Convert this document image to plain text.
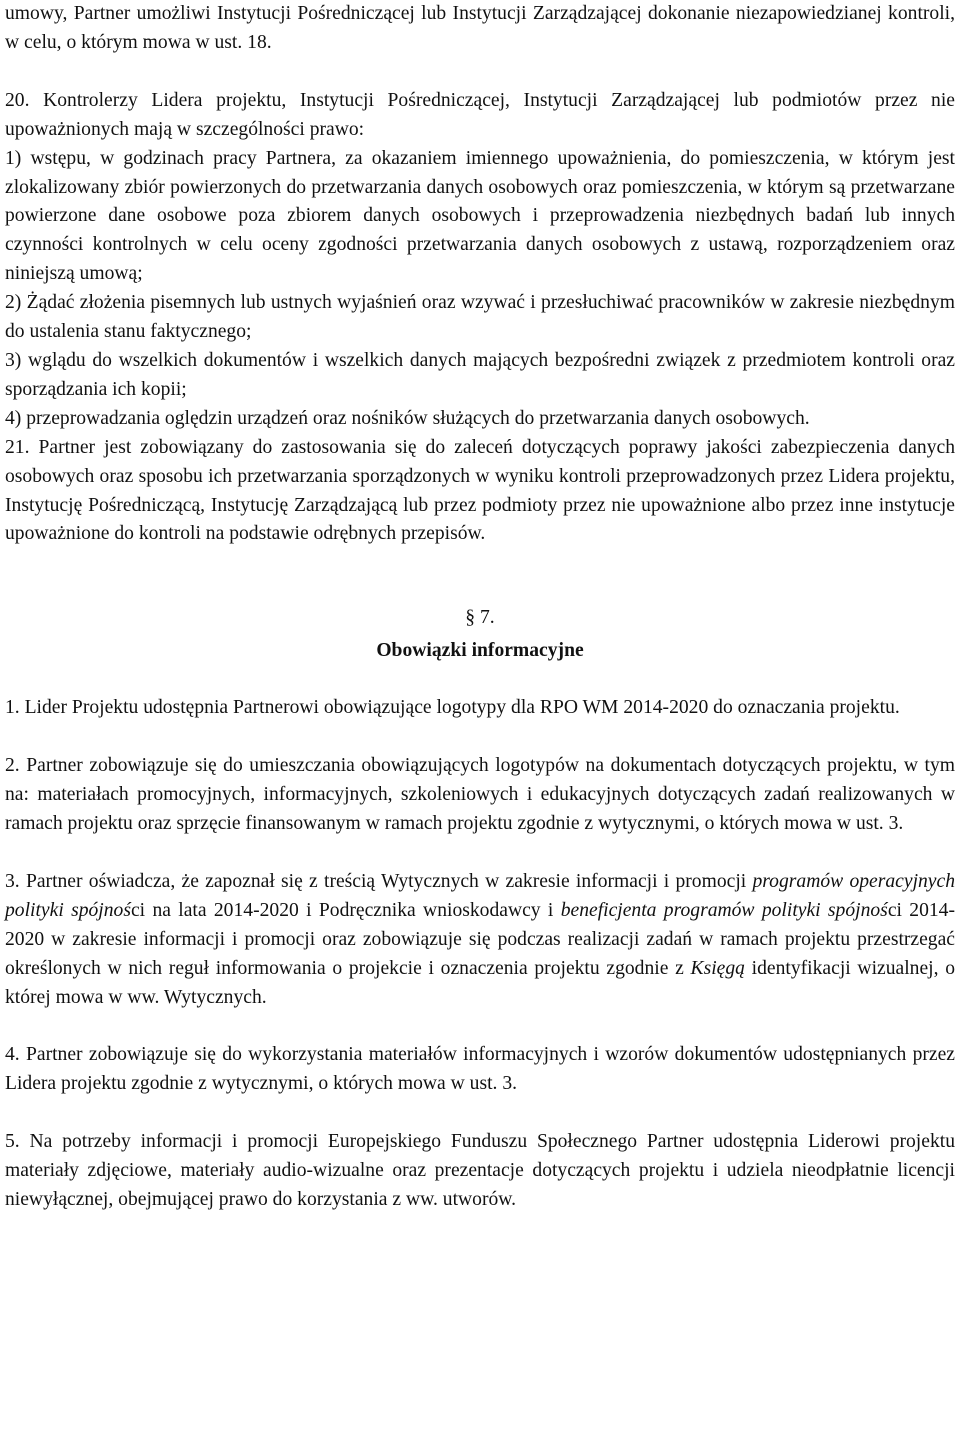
umowy, Partner umożliwi Instytucji Pośredniczącej lub Instytucji Zarządzającej dokonanie niezapowiedzianej kontroli, w celu, o którym mowa w ust. 18.

20. Kontrolerzy Lidera projektu, Instytucji Pośredniczącej, Instytucji Zarządzającej lub podmiotów przez nie upoważnionych mają w szczególności prawo:

1) wstępu, w godzinach pracy Partnera, za okazaniem imiennego upoważnienia, do pomieszczenia, w którym jest zlokalizowany zbiór powierzonych do przetwarzania danych osobowych oraz pomieszczenia, w którym są przetwarzane powierzone dane osobowe poza zbiorem danych osobowych i przeprowadzenia niezbędnych badań lub innych czynności kontrolnych w celu oceny zgodności przetwarzania danych osobowych z ustawą, rozporządzeniem oraz niniejszą umową;

2) Żądać złożenia pisemnych lub ustnych wyjaśnień oraz wzywać i przesłuchiwać pracowników w zakresie niezbędnym do ustalenia stanu faktycznego;

3) wglądu do wszelkich dokumentów i wszelkich danych mających bezpośredni związek z przedmiotem kontroli oraz sporządzania ich kopii;

4) przeprowadzania oględzin urządzeń oraz nośników służących do przetwarzania danych osobowych.

21. Partner jest zobowiązany do zastosowania się do zaleceń dotyczących poprawy jakości zabezpieczenia danych osobowych oraz sposobu ich przetwarzania sporządzonych w wyniku kontroli przeprowadzonych przez Lidera projektu, Instytucję Pośredniczącą, Instytucję Zarządzającą lub przez podmioty przez nie upoważnione albo przez inne instytucje upoważnione do kontroli na podstawie odrębnych przepisów.

§ 7.

Obowiązki informacyjne

1. Lider Projektu udostępnia Partnerowi obowiązujące logotypy dla RPO WM 2014-2020 do oznaczania projektu.

2. Partner zobowiązuje się do umieszczania obowiązujących logotypów na dokumentach dotyczących projektu, w tym na: materiałach promocyjnych, informacyjnych, szkoleniowych i edukacyjnych dotyczących zadań realizowanych w ramach projektu oraz sprzęcie finansowanym w ramach projektu zgodnie z wytycznymi, o których mowa w ust. 3.

3. Partner oświadcza, że zapoznał się z treścią Wytycznych w zakresie informacji i promocji programów operacyjnych polityki spójności na lata 2014-2020 i Podręcznika wnioskodawcy i beneficjenta programów polityki spójności 2014-2020 w zakresie informacji i promocji oraz zobowiązuje się podczas realizacji zadań w ramach projektu przestrzegać określonych w nich reguł informowania o projekcie i oznaczenia projektu zgodnie z Księgą identyfikacji wizualnej, o której mowa w ww. Wytycznych.

4. Partner zobowiązuje się do wykorzystania materiałów informacyjnych i wzorów dokumentów udostępnianych przez Lidera projektu zgodnie z wytycznymi, o których mowa w ust. 3.

5. Na potrzeby informacji i promocji Europejskiego Funduszu Społecznego Partner udostępnia Liderowi projektu materiały zdjęciowe, materiały audio-wizualne oraz prezentacje dotyczących projektu i udziela nieodpłatnie licencji niewyłącznej, obejmującej prawo do korzystania z ww. utworów.
